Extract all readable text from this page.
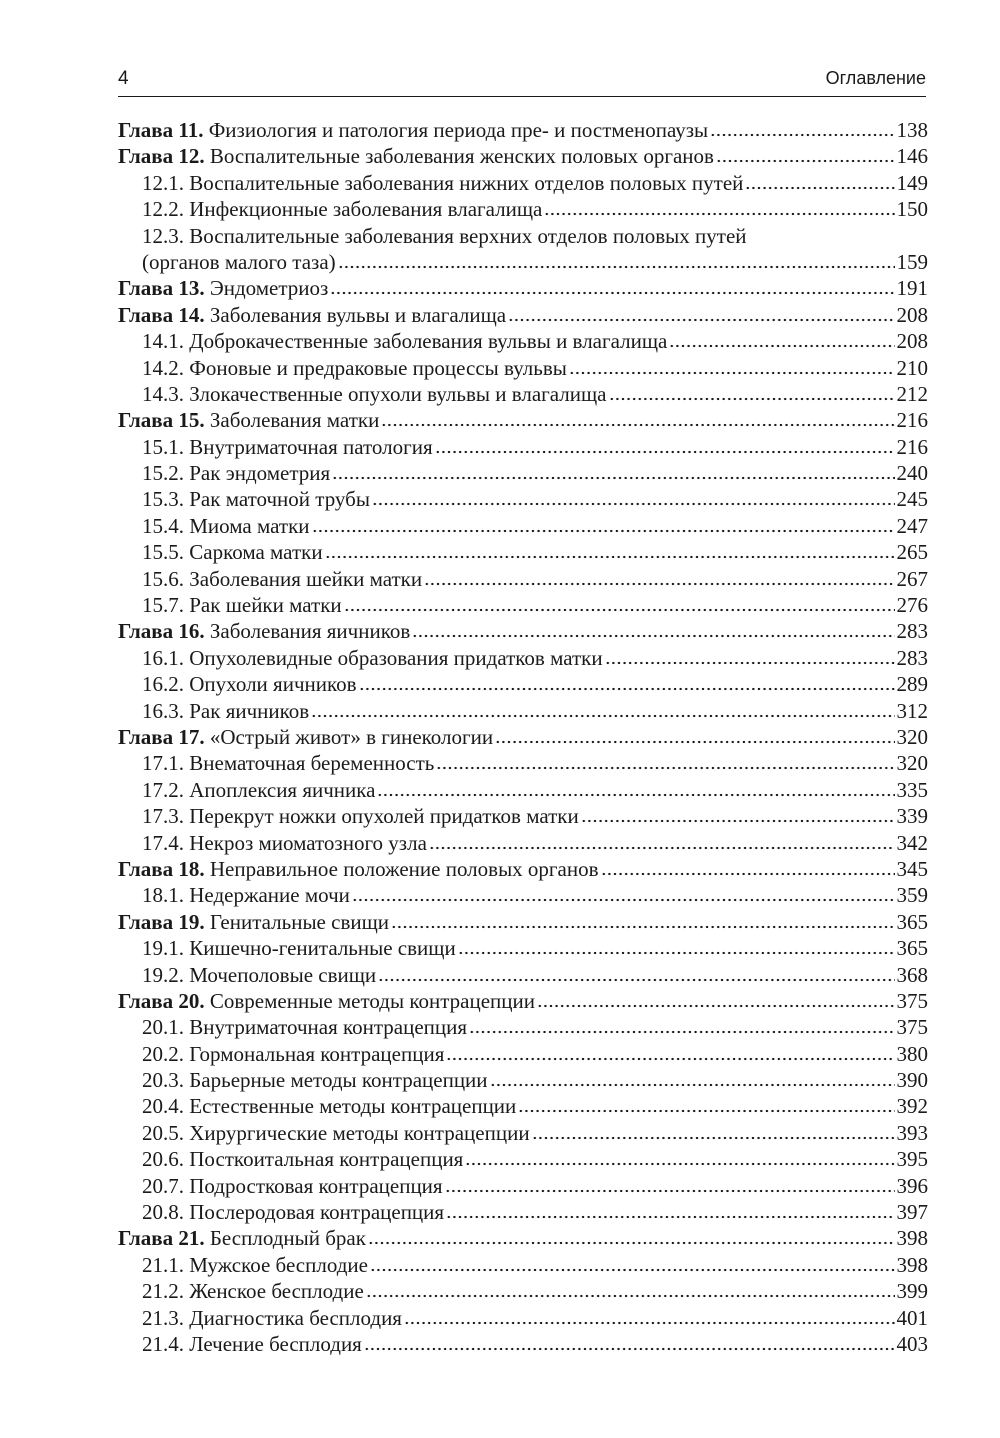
4	Оглавление
Глава 11. Физиология и патология периода пре- и постменопаузы	138
Глава 12. Воспалительные заболевания женских половых органов	146
12.1. Воспалительные заболевания нижних отделов половых путей	149
12.2. Инфекционные заболевания влагалища	150
12.3. Воспалительные заболевания верхних отделов половых путей
(органов малого таза)	159
Глава 13. Эндометриоз	191
Глава 14. Заболевания вульвы и влагалища	208
14.1. Доброкачественные заболевания вульвы и влагалища	208
14.2. Фоновые и предраковые процессы вульвы	210
14.3. Злокачественные опухоли вульвы и влагалища	212
Глава 15. Заболевания матки	216
15.1. Внутриматочная патология	216
15.2. Рак эндометрия	240
15.3. Рак маточной трубы	245
15.4. Миома матки	247
15.5. Саркома матки	265
15.6. Заболевания шейки матки	267
15.7. Рак шейки матки	276
Глава 16. Заболевания яичников	283
16.1. Опухолевидные образования придатков матки	283
16.2. Опухоли яичников	289
16.3. Рак яичников	312
Глава 17. «Острый живот» в гинекологии	320
17.1. Внематочная беременность	320
17.2. Апоплексия яичника	335
17.3. Перекрут ножки опухолей придатков матки	339
17.4. Некроз миоматозного узла	342
Глава 18. Неправильное положение половых органов	345
18.1. Недержание мочи	359
Глава 19. Генитальные свищи	365
19.1. Кишечно-генитальные свищи	365
19.2. Мочеполовые свищи	368
Глава 20. Современные методы контрацепции	375
20.1. Внутриматочная контрацепция	375
20.2. Гормональная контрацепция	380
20.3. Барьерные методы контрацепции	390
20.4. Естественные методы контрацепции	392
20.5. Хирургические методы контрацепции	393
20.6. Посткоитальная контрацепция	395
20.7. Подростковая контрацепция	396
20.8. Послеродовая контрацепция	397
Глава 21. Бесплодный брак	398
21.1. Мужское бесплодие	398
21.2. Женское бесплодие	399
21.3. Диагностика бесплодия	401
21.4. Лечение бесплодия	403
